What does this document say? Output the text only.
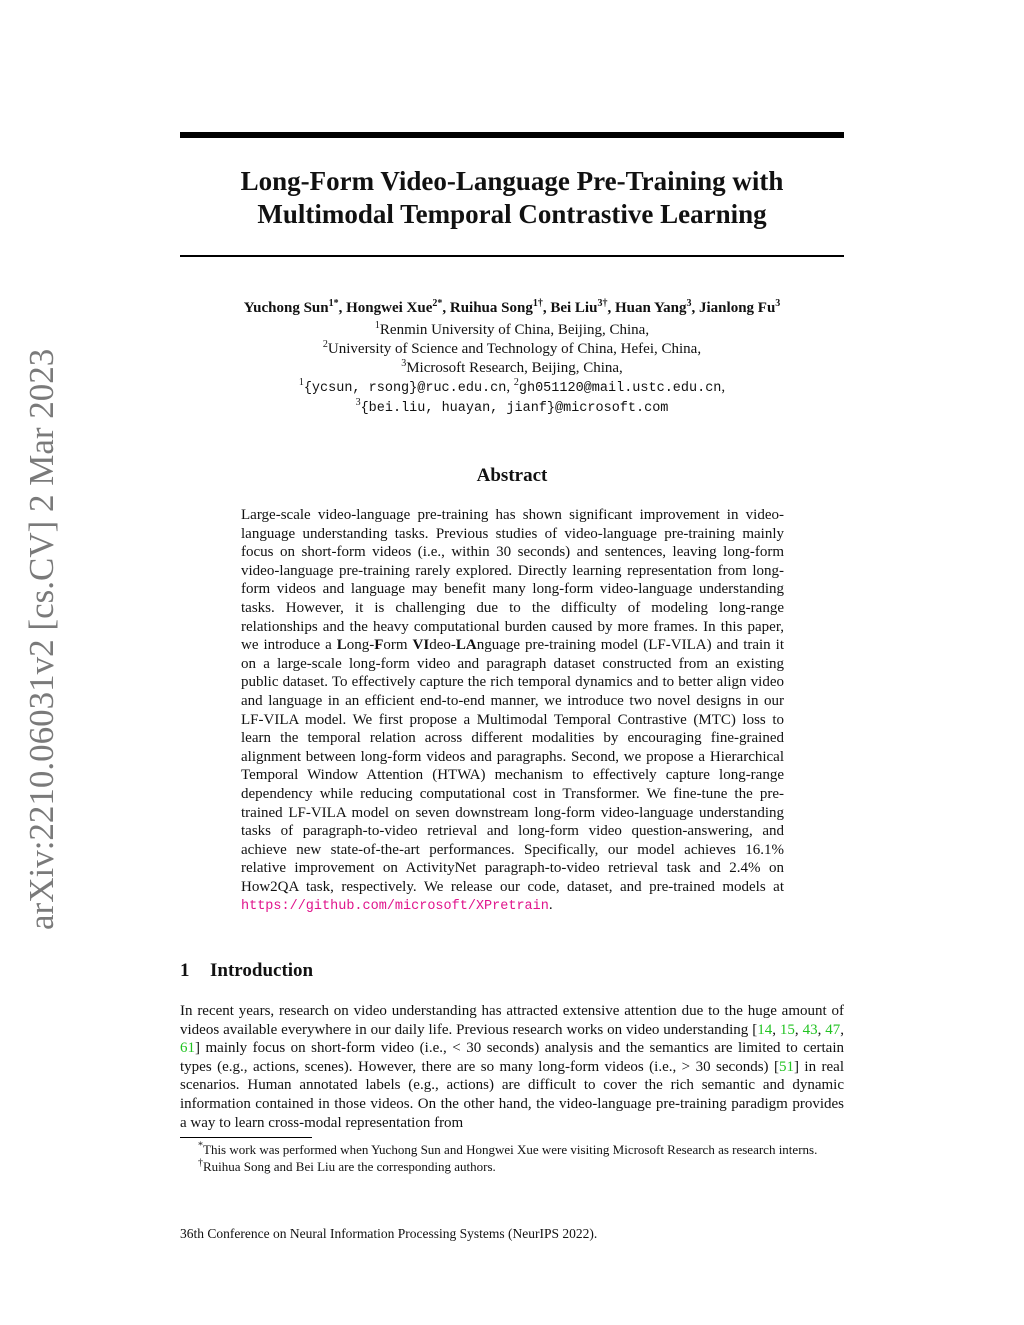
arXiv:2210.06031v2 [cs.CV] 2 Mar 2023
Long-Form Video-Language Pre-Training with
Multimodal Temporal Contrastive Learning
Yuchong Sun$^{1*}$, Hongwei Xue$^{2*}$, Ruihua Song$^{1\dagger}$, Bei Liu$^{3\dagger}$, Huan Yang$^3$, Jianlong Fu$^3$
$^1$Renmin University of China, Beijing, China,
$^2$University of Science and Technology of China, Hefei, China,
$^3$Microsoft Research, Beijing, China,
$^1${ycsun, rsong}@ruc.edu.cn, $^2$gh051120@mail.ustc.edu.cn,
$^3${bei.liu, huayan, jianf}@microsoft.com
Abstract
Large-scale video-language pre-training has shown significant improvement in video-language understanding tasks. Previous studies of video-language pre-training mainly focus on short-form videos (i.e., within 30 seconds) and sentences, leaving long-form video-language pre-training rarely explored. Directly learning representation from long-form videos and language may benefit many long-form video-language understanding tasks. However, it is challenging due to the difficulty of modeling long-range relationships and the heavy computational burden caused by more frames. In this paper, we introduce a Long-Form VIdeo-LAnguage pre-training model (LF-VILA) and train it on a large-scale long-form video and paragraph dataset constructed from an existing public dataset. To effectively capture the rich temporal dynamics and to better align video and language in an efficient end-to-end manner, we introduce two novel designs in our LF-VILA model. We first propose a Multimodal Temporal Contrastive (MTC) loss to learn the temporal relation across different modalities by encouraging fine-grained alignment between long-form videos and paragraphs. Second, we propose a Hierarchical Temporal Window Attention (HTWA) mechanism to effectively capture long-range dependency while reducing computational cost in Transformer. We fine-tune the pre-trained LF-VILA model on seven downstream long-form video-language understanding tasks of paragraph-to-video retrieval and long-form video question-answering, and achieve new state-of-the-art performances. Specifically, our model achieves 16.1% relative improvement on ActivityNet paragraph-to-video retrieval task and 2.4% on How2QA task, respectively. We release our code, dataset, and pre-trained models at https://github.com/microsoft/XPretrain.
1 Introduction
In recent years, research on video understanding has attracted extensive attention due to the huge amount of videos available everywhere in our daily life. Previous research works on video understanding [14, 15, 43, 47, 61] mainly focus on short-form video (i.e., < 30 seconds) analysis and the semantics are limited to certain types (e.g., actions, scenes). However, there are so many long-form videos (i.e., > 30 seconds) [51] in real scenarios. Human annotated labels (e.g., actions) are difficult to cover the rich semantic and dynamic information contained in those videos. On the other hand, the video-language pre-training paradigm provides a way to learn cross-modal representation from

*This work was performed when Yuchong Sun and Hongwei Xue were visiting Microsoft Research as research interns.

†Ruihua Song and Bei Liu are the corresponding authors.

36th Conference on Neural Information Processing Systems (NeurIPS 2022).
